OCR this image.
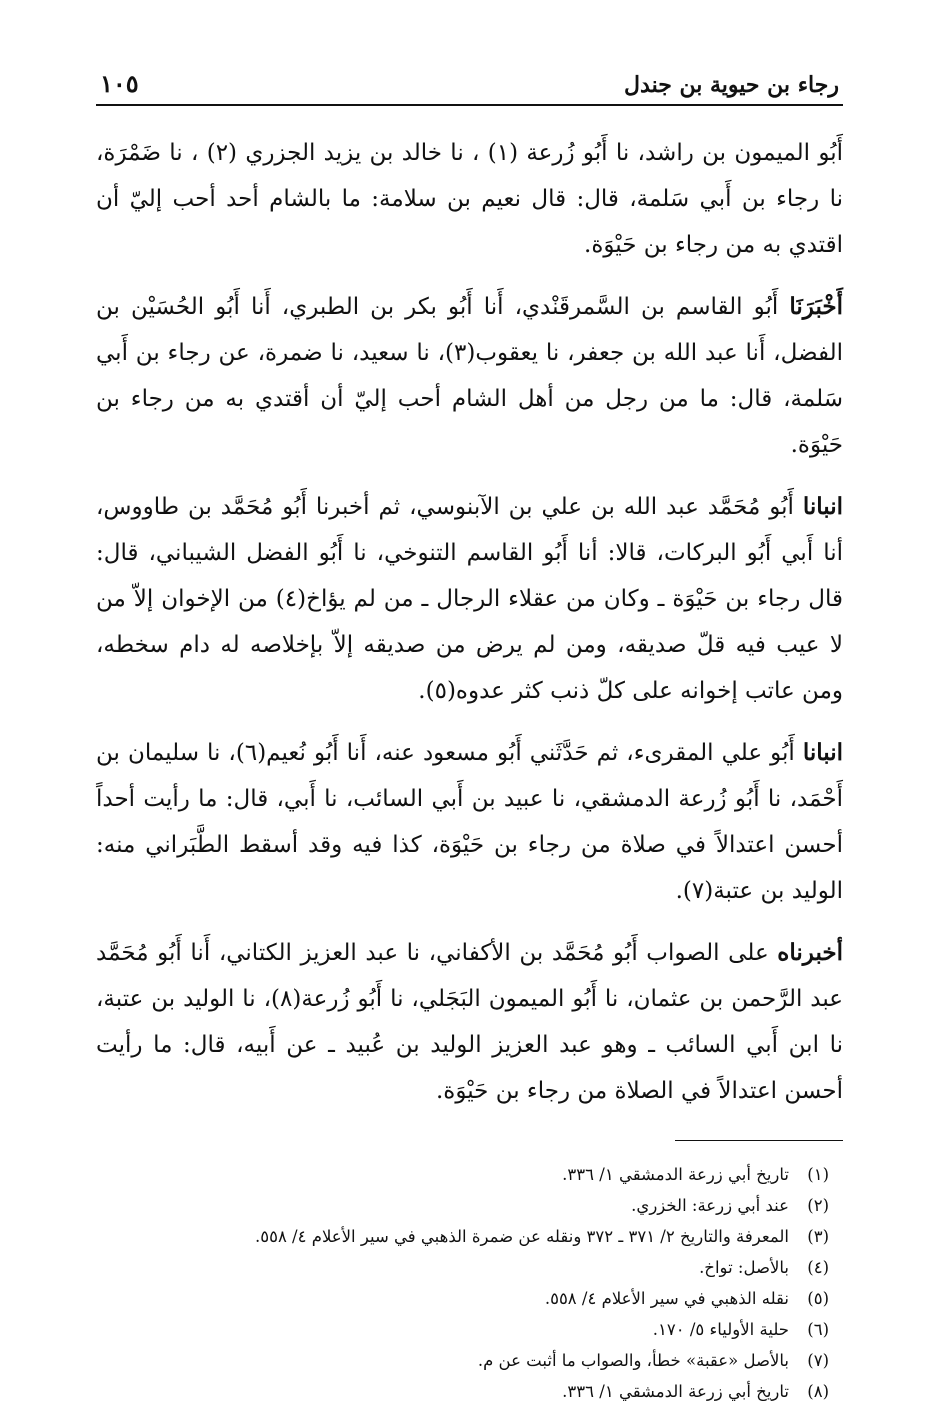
رجاء بن حيوية بن جندل
١٠٥

أَبُو الميمون بن راشد، نا أَبُو زُرعة (١) ، نا خالد بن يزيد الجزري (٢) ، نا ضَمْرَة، نا رجاء بن أَبي سَلمة، قال: قال نعيم بن سلامة: ما بالشام أحد أحب إليّ أن اقتدي به من رجاء بن حَيْوَة.

أَخْبَرَنَا أَبُو القاسم بن السَّمرقَنْدي، أَنا أَبُو بكر بن الطبري، أَنا أَبُو الحُسَيْن بن الفضل، أَنا عبد الله بن جعفر، نا يعقوب(٣)، نا سعيد، نا ضمرة، عن رجاء بن أَبي سَلمة، قال: ما من رجل من أهل الشام أحب إليّ أن أقتدي به من رجاء بن حَيْوَة.

انبانا أَبُو مُحَمَّد عبد الله بن علي بن الآبنوسي، ثم أخبرنا أَبُو مُحَمَّد بن طاووس، أنا أَبي أَبُو البركات، قالا: أنا أَبُو القاسم التنوخي، نا أَبُو الفضل الشيباني، قال: قال رجاء بن حَيْوَة ـ وكان من عقلاء الرجال ـ من لم يؤاخ(٤) من الإخوان إلاّ من لا عيب فيه قلّ صديقه، ومن لم يرض من صديقه إلاّ بإخلاصه له دام سخطه، ومن عاتب إخوانه على كلّ ذنب كثر عدوه(٥).

انبانا أَبُو علي المقرىء، ثم حَدَّثَني أَبُو مسعود عنه، أَنا أَبُو نُعيم(٦)، نا سليمان بن أَحْمَد، نا أَبُو زُرعة الدمشقي، نا عبيد بن أَبي السائب، نا أَبي، قال: ما رأيت أحداً أحسن اعتدالاً في صلاة من رجاء بن حَيْوَة، كذا فيه وقد أسقط الطَّبَراني منه: الوليد بن عتبة(٧).

أخبرناه على الصواب أَبُو مُحَمَّد بن الأكفاني، نا عبد العزيز الكتاني، أَنا أَبُو مُحَمَّد عبد الرَّحمن بن عثمان، نا أَبُو الميمون البَجَلي، نا أَبُو زُرعة(٨)، نا الوليد بن عتبة، نا ابن أَبي السائب ـ وهو عبد العزيز الوليد بن عُبيد ـ عن أَبيه، قال: ما رأيت أحسن اعتدالاً في الصلاة من رجاء بن حَيْوَة.

(١)
تاريخ أبي زرعة الدمشقي ١/ ٣٣٦.
(٢)
عند أبي زرعة: الخزري.
(٣)
المعرفة والتاريخ ٢/ ٣٧١ ـ ٣٧٢ ونقله عن ضمرة الذهبي في سير الأعلام ٤/ ٥٥٨.
(٤)
بالأصل: تواخ.
(٥)
نقله الذهبي في سير الأعلام ٤/ ٥٥٨.
(٦)
حلية الأولياء ٥/ ١٧٠.
(٧)
بالأصل «عقبة» خطأ، والصواب ما أثبت عن م.
(٨)
تاريخ أبي زرعة الدمشقي ١/ ٣٣٦.
